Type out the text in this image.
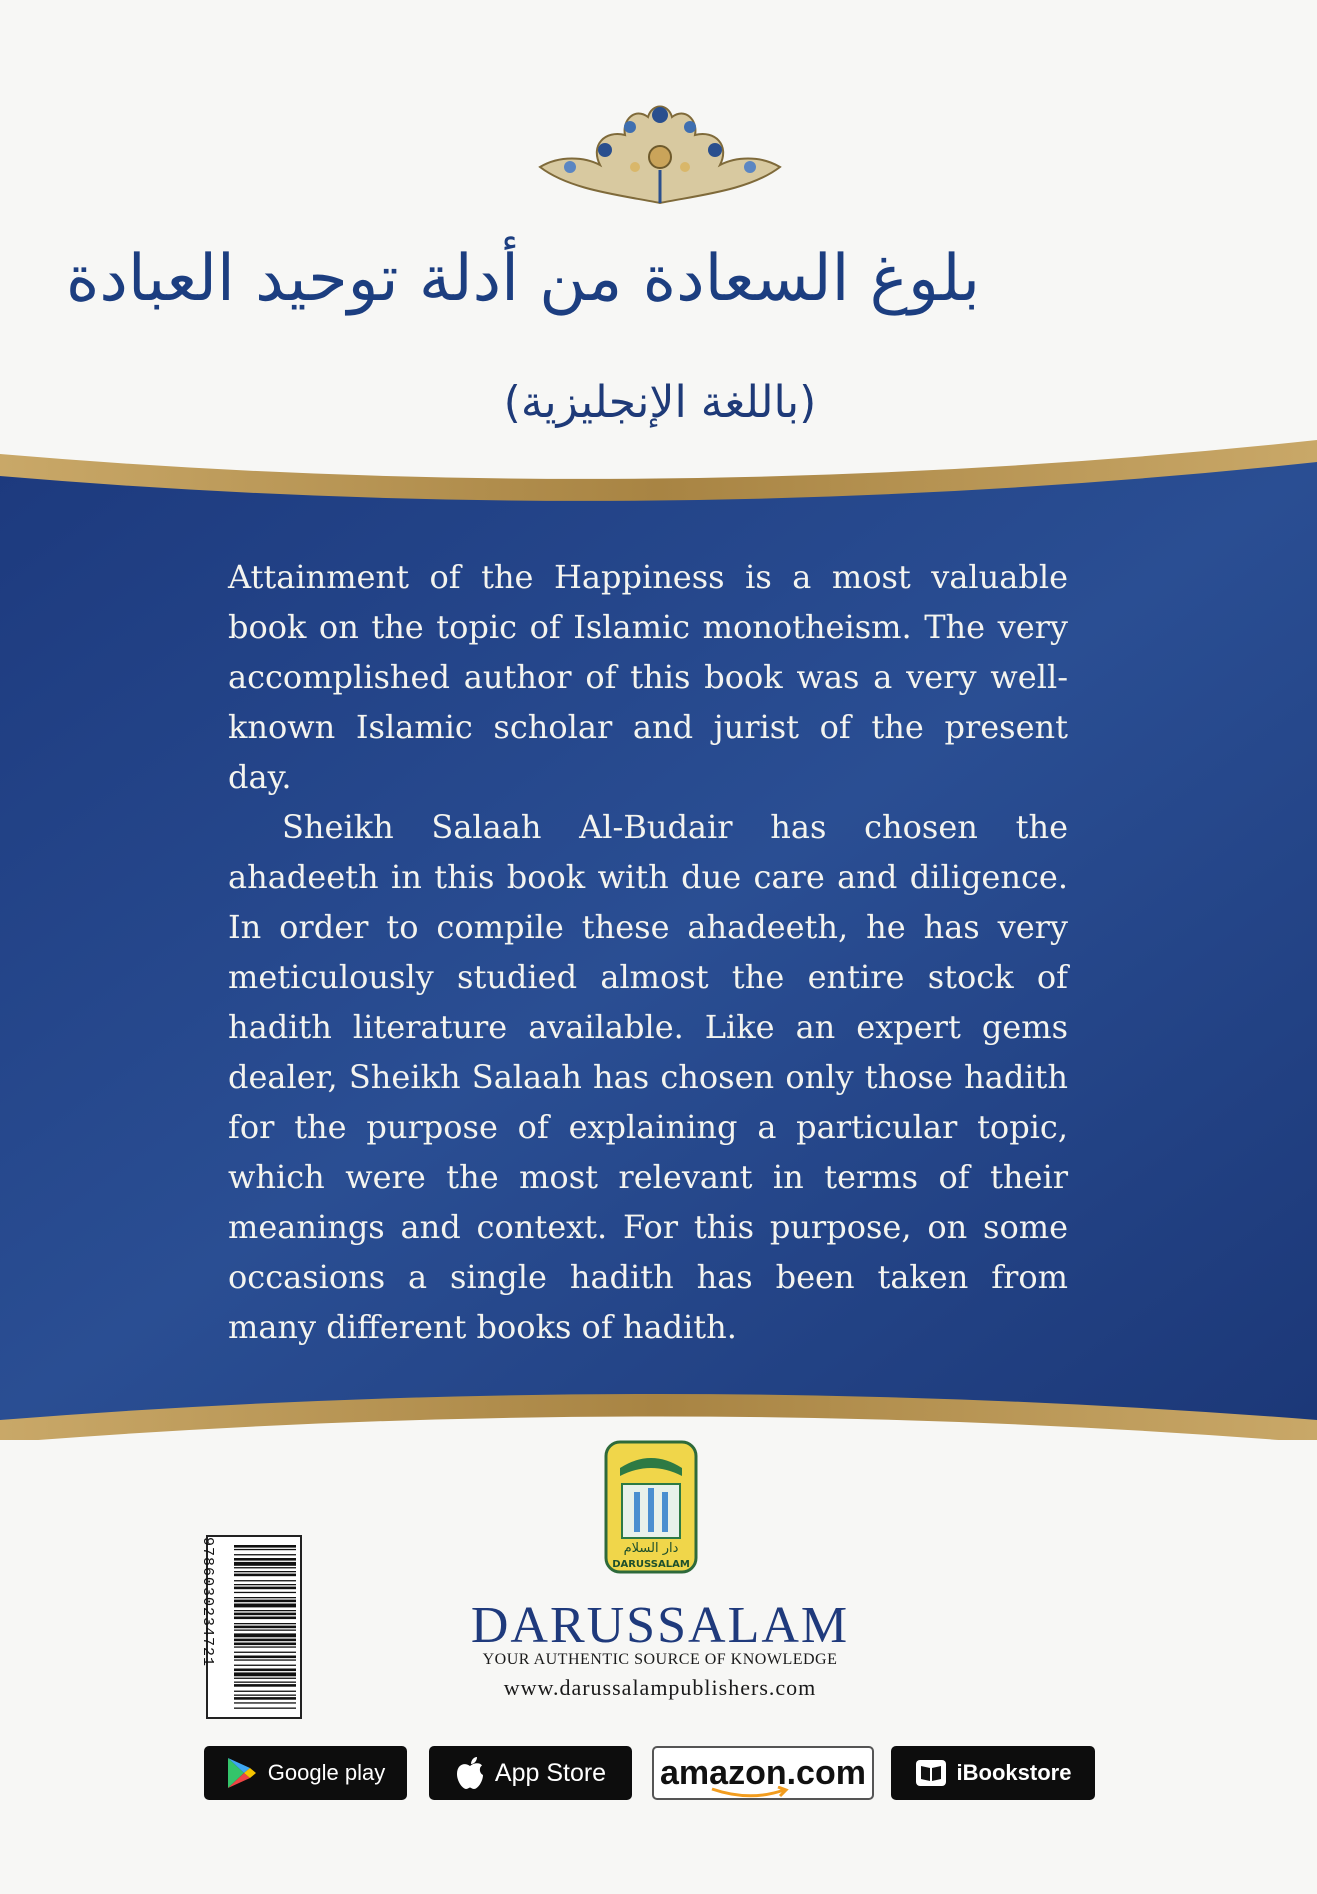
بلوغ السعادة من أدلة توحيد العبادة
(باللغة الإنجليزية)

Attainment of the Happiness is a most valuable book on the topic of Islamic monotheism. The very accomplished author of this book was a very well-known Islamic scholar and jurist of the present day.

Sheikh Salaah Al-Budair has chosen the ahadeeth in this book with due care and diligence. In order to compile these ahadeeth, he has very meticulously studied almost the entire stock of hadith literature available. Like an expert gems dealer, Sheikh Salaah has chosen only those hadith for the purpose of explaining a particular topic, which were the most relevant in terms of their meanings and context. For this purpose, on some occasions a single hadith has been taken from many different books of hadith.

دار السلام
DARUSSALAM
9786030234721	DARUSSALAM
YOUR AUTHENTIC SOURCE OF KNOWLEDGE
www.darussalampublishers.com
Google play	App Store amazon.com	iBookstore
